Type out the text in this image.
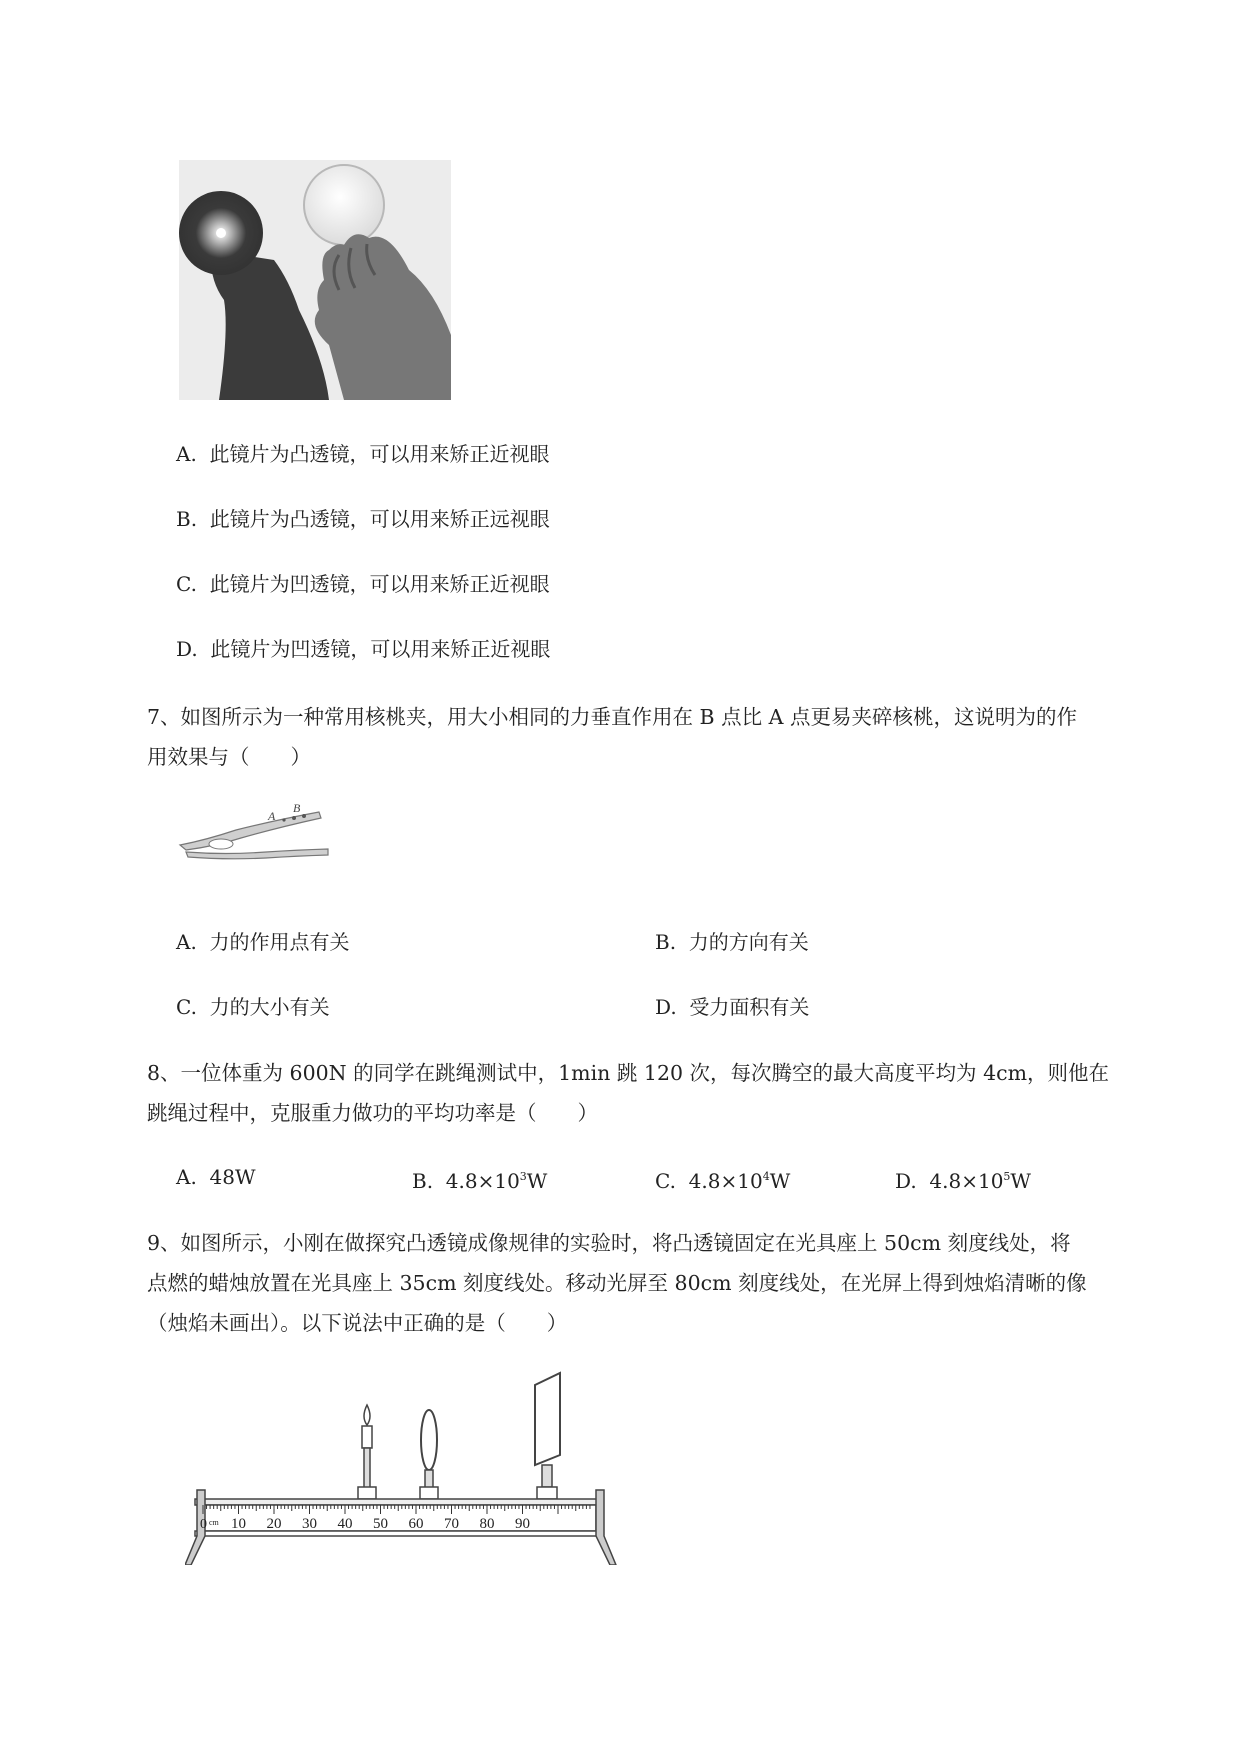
A. 此镜片为凸透镜，可以用来矫正近视眼
B. 此镜片为凸透镜，可以用来矫正远视眼
C. 此镜片为凹透镜，可以用来矫正近视眼
D. 此镜片为凹透镜，可以用来矫正近视眼
7、如图所示为一种常用核桃夹，用大小相同的力垂直作用在 B 点比 A 点更易夹碎核桃，这说明为的作
用效果与（　　）
A
B
A. 力的作用点有关	B. 力的方向有关
C. 力的大小有关	D. 受力面积有关
8、一位体重为 600N 的同学在跳绳测试中，1min 跳 120 次，每次腾空的最大高度平均为 4cm，则他在
跳绳过程中，克服重力做功的平均功率是（　　）
A. 48W	B. $4.8\times 10^3W$	C. $4.8\times 10^4W$	D. $4.8\times 10^5W$
9、如图所示，小刚在做探究凸透镜成像规律的实验时，将凸透镜固定在光具座上 50cm 刻度线处，将
点燃的蜡烛放置在光具座上 35cm 刻度线处。移动光屏至 80cm 刻度线处，在光屏上得到烛焰清晰的像
（烛焰未画出）。以下说法中正确的是（　　）
0 cm 10 20 30 40 50 60 70 80 90
